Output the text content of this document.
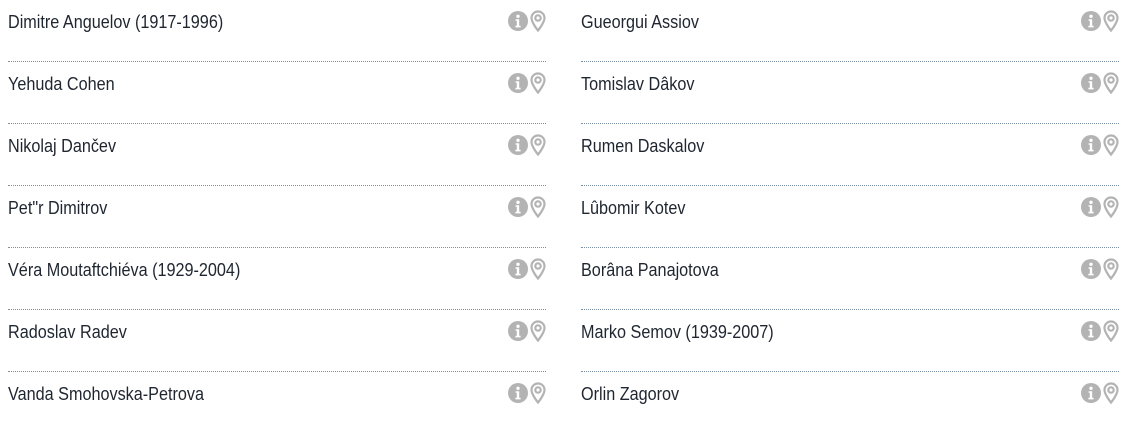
Dimitre Anguelov (1917-1996)
Yehuda Cohen
Nikolaj Dančev
Pet"r Dimitrov
Véra Moutaftchiéva (1929-2004)
Radoslav Radev
Vanda Smohovska-Petrova
Gueorgui Assiov
Tomislav Dâkov
Rumen Daskalov
Lûbomir Kotev
Borâna Panajotova
Marko Semov (1939-2007)
Orlin Zagorov
